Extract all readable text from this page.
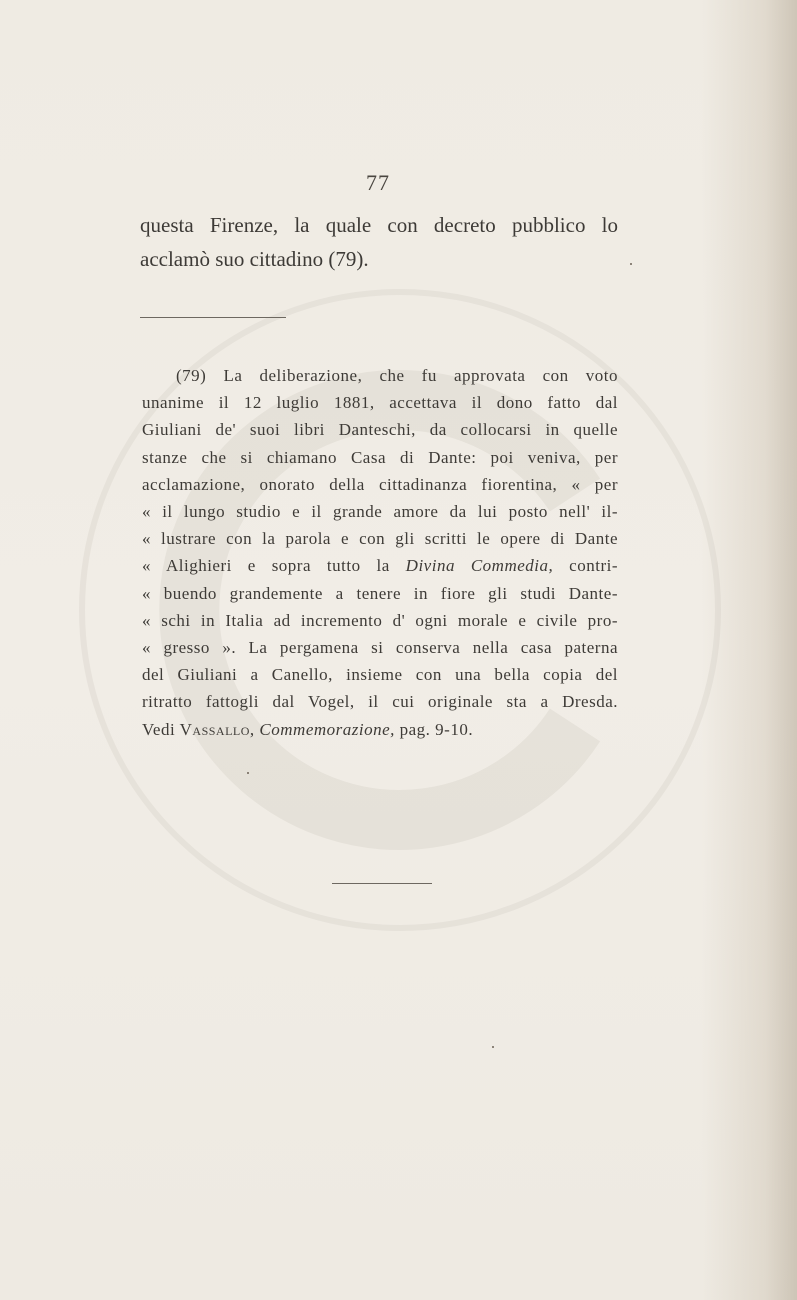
77
questa Firenze, la quale con decreto pubblico lo
acclamò suo cittadino (79).
(79) La deliberazione, che fu approvata con voto
unanime il 12 luglio 1881, accettava il dono fatto dal
Giuliani de' suoi libri Danteschi, da collocarsi in quelle
stanze che si chiamano Casa di Dante: poi veniva, per
acclamazione, onorato della cittadinanza fiorentina, « per
« il lungo studio e il grande amore da lui posto nell' il-
« lustrare con la parola e con gli scritti le opere di Dante
« Alighieri e sopra tutto la Divina Commedia, contri-
« buendo grandemente a tenere in fiore gli studi Dante-
« schi in Italia ad incremento d' ogni morale e civile pro-
« gresso ». La pergamena si conserva nella casa paterna
del Giuliani a Canello, insieme con una bella copia del
ritratto fattogli dal Vogel, il cui originale sta a Dresda.
Vedi Vassallo, Commemorazione, pag. 9-10.
